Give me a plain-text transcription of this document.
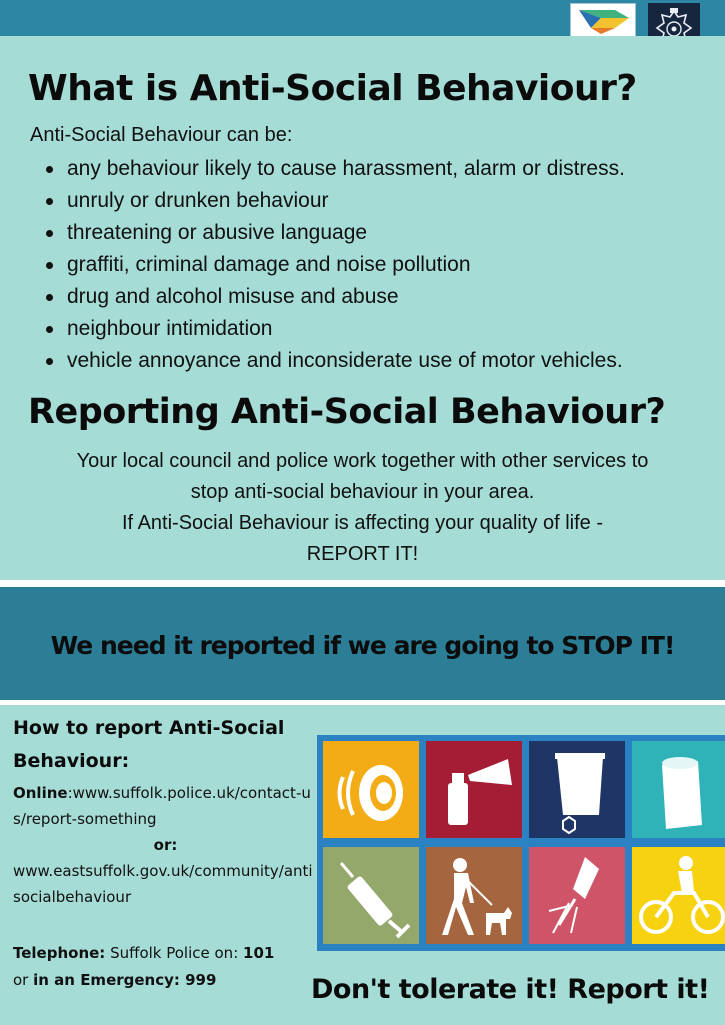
What is Anti-Social Behaviour?
Anti-Social Behaviour can be:
any behaviour likely to cause harassment, alarm or distress.
unruly or drunken behaviour
threatening or abusive language
graffiti, criminal damage and noise pollution
drug and alcohol misuse and abuse
neighbour intimidation
vehicle annoyance and inconsiderate use of motor vehicles.
Reporting Anti-Social Behaviour?
Your local council and police work together with other services to
stop anti-social behaviour in your area.
If Anti-Social Behaviour is affecting your quality of life -
REPORT IT!
We need it reported if we are going to STOP IT!
How to report Anti-Social Behaviour:
Online:www.suffolk.police.uk/contact-us/report-something
or:
www.eastsuffolk.gov.uk/community/antisocialbehaviour
Telephone: Suffolk Police on: 101
or in an Emergency: 999	Don't tolerate it! Report it!
